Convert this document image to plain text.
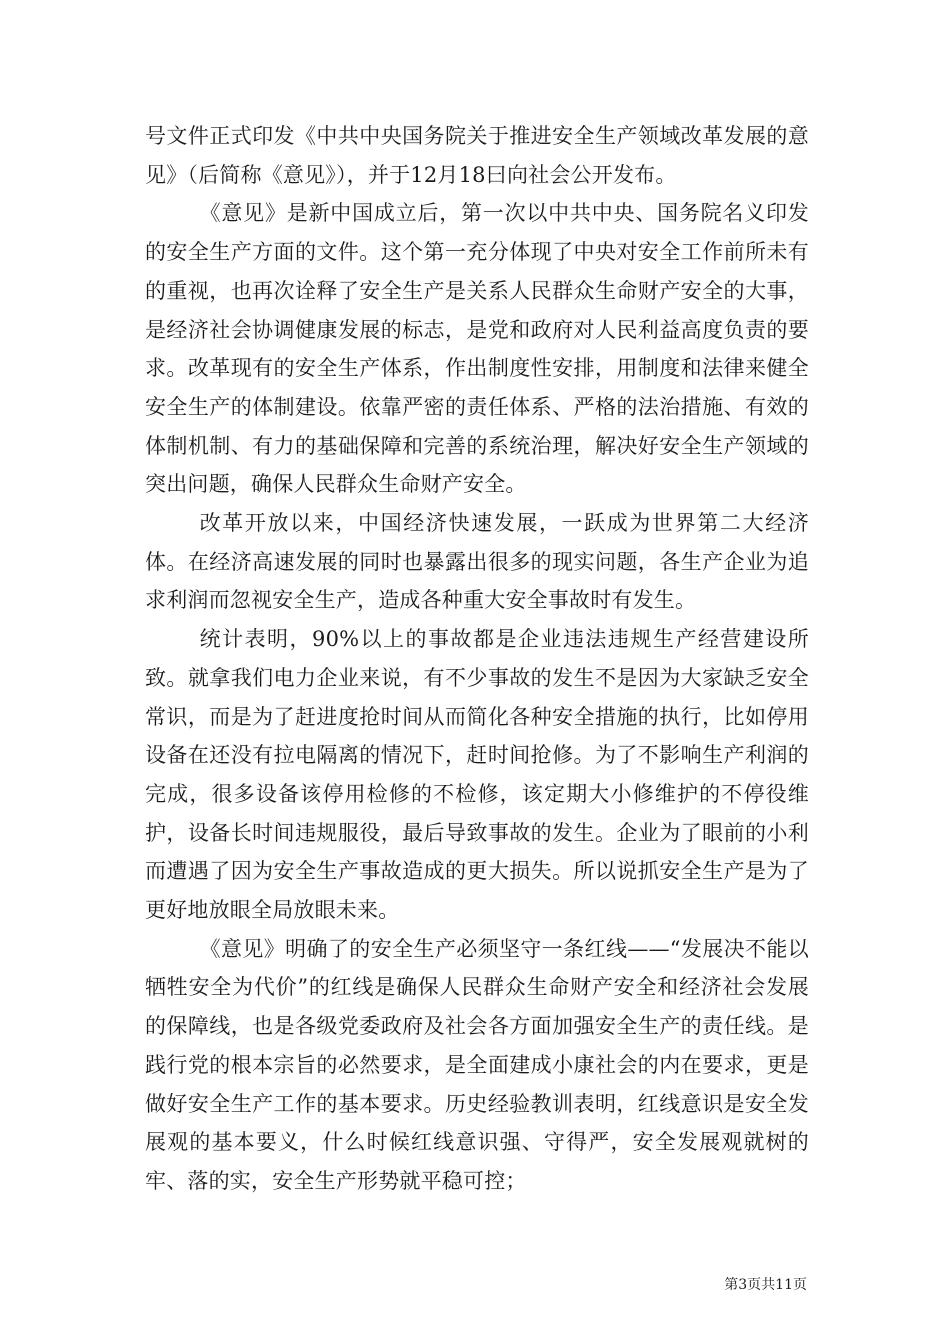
号文件正式印发《中共中央国务院关于推进安全生产领域改革发展的意见》（后简称《意见》），并于12月18曰向社会公开发布。

《意见》是新中国成立后，第一次以中共中央、国务院名义印发的安全生产方面的文件。这个第一充分体现了中央对安全工作前所未有的重视，也再次诠释了安全生产是关系人民群众生命财产安全的大事，是经济社会协调健康发展的标志，是党和政府对人民利益高度负责的要求。改革现有的安全生产体系，作出制度性安排，用制度和法律来健全安全生产的体制建设。依靠严密的责任体系、严格的法治措施、有效的体制机制、有力的基础保障和完善的系统治理，解决好安全生产领域的突出问题，确保人民群众生命财产安全。

改革开放以来，中国经济快速发展，一跃成为世界第二大经济体。在经济高速发展的同时也暴露出很多的现实问题，各生产企业为追求利润而忽视安全生产，造成各种重大安全事故时有发生。

统计表明，90%以上的事故都是企业违法违规生产经营建设所致。就拿我们电力企业来说，有不少事故的发生不是因为大家缺乏安全常识，而是为了赶进度抢时间从而简化各种安全措施的执行，比如停用设备在还没有拉电隔离的情况下，赶时间抢修。为了不影响生产利润的完成，很多设备该停用检修的不检修，该定期大小修维护的不停役维护，设备长时间违规服役，最后导致事故的发生。企业为了眼前的小利而遭遇了因为安全生产事故造成的更大损失。所以说抓安全生产是为了更好地放眼全局放眼未来。

《意见》明确了的安全生产必须坚守一条红线——“发展决不能以牺牲安全为代价”的红线是确保人民群众生命财产安全和经济社会发展的保障线，也是各级党委政府及社会各方面加强安全生产的责任线。是践行党的根本宗旨的必然要求，是全面建成小康社会的内在要求，更是做好安全生产工作的基本要求。历史经验教训表明，红线意识是安全发展观的基本要义，什么时候红线意识强、守得严，安全发展观就树的牢、落的实，安全生产形势就平稳可控；

第3页共11页
